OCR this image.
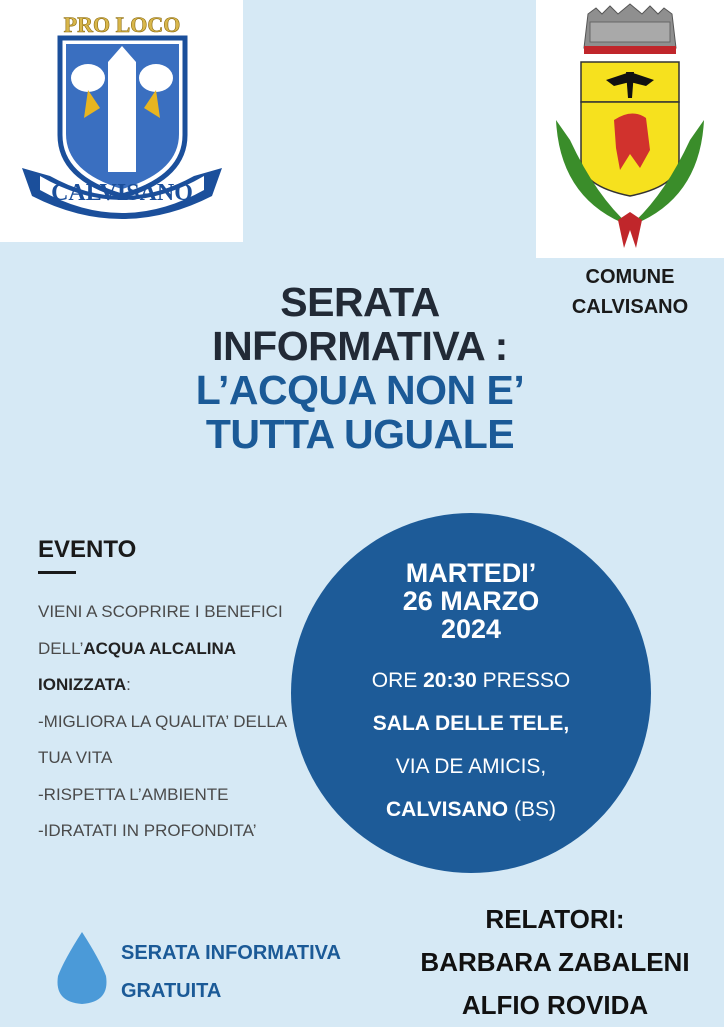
PRO LOCO
CALVISANO
COMUNE
CALVISANO
SERATA
INFORMATIVA :
L’ACQUA NON E’
TUTTA UGUALE
EVENTO

VIENI A SCOPRIRE I BENEFICI DELL’ACQUA ALCALINA IONIZZATA:

-MIGLIORA LA QUALITA’ DELLA TUA VITA

-RISPETTA L’AMBIENTE

-IDRATATI IN PROFONDITA’

MARTEDI’
26 MARZO
2024
ORE 20:30 PRESSO
SALA DELLE TELE,
VIA DE AMICIS,
CALVISANO (BS)
SERATA INFORMATIVA
GRATUITA
RELATORI:
BARBARA ZABALENI
ALFIO ROVIDA
